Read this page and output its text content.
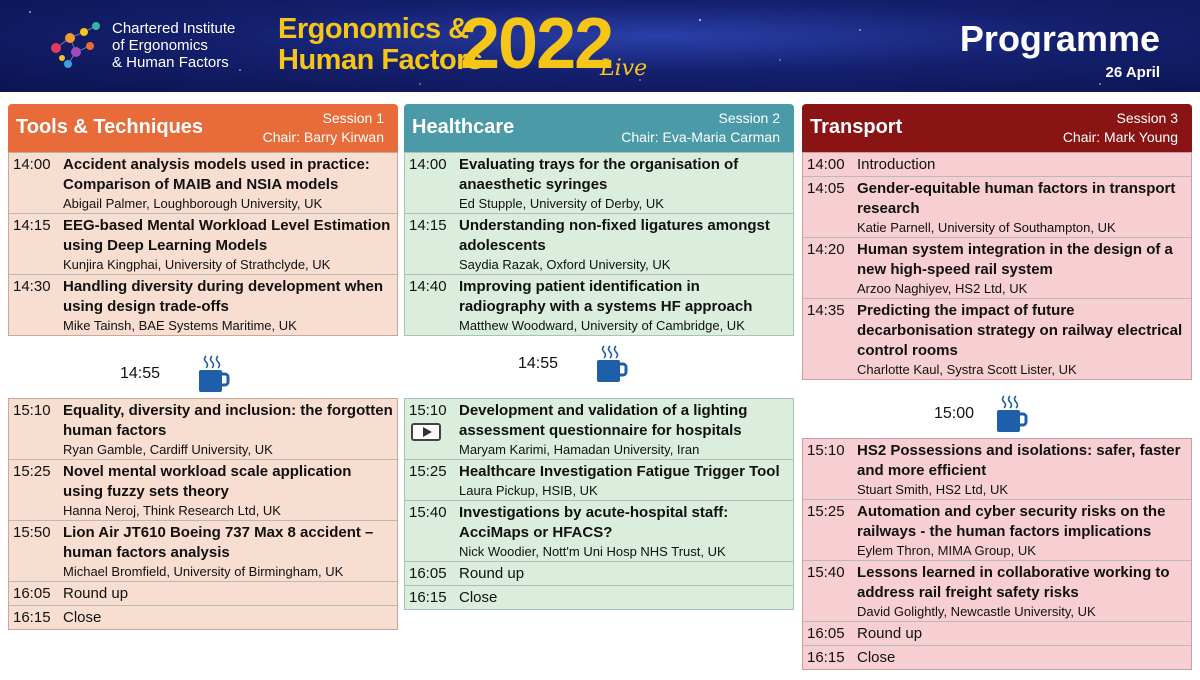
Chartered Institute
of Ergonomics
& Human Factors
Ergonomics &
Human Factors
2022
Live
Programme
26 April
Tools & Techniques	Session 1
Chair: Barry Kirwan
14:00 Accident analysis models used in practice: Comparison of MAIB and NSIA models
Abigail Palmer, Loughborough University, UK
14:15 EEG-based Mental Workload Level Estimation using Deep Learning Models
Kunjira Kingphai, University of Strathclyde, UK
14:30 Handling diversity during development when using design trade-offs
Mike Tainsh, BAE Systems Maritime, UK
14:55
15:10 Equality, diversity and inclusion: the forgotten human factors
Ryan Gamble, Cardiff University, UK
15:25 Novel mental workload scale application using fuzzy sets theory
Hanna Neroj, Think Research Ltd, UK
15:50 Lion Air JT610 Boeing 737 Max 8 accident – human factors analysis
Michael Bromfield, University of Birmingham, UK
16:05 Round up
16:15 Close
Healthcare	Session 2
Chair: Eva-Maria Carman
14:00 Evaluating trays for the organisation of anaesthetic syringes
Ed Stupple, University of Derby, UK
14:15 Understanding non-fixed ligatures amongst adolescents
Saydia Razak, Oxford University, UK
14:40 Improving patient identification in radiography with a systems HF approach
Matthew Woodward, University of Cambridge, UK
14:55
15:10 Development and validation of a lighting assessment questionnaire for hospitals
Maryam Karimi, Hamadan University, Iran
15:25 Healthcare Investigation Fatigue Trigger Tool
Laura Pickup, HSIB, UK
15:40 Investigations by acute-hospital staff: AcciMaps or HFACS?
Nick Woodier, Nott'm Uni Hosp NHS Trust, UK
16:05 Round up
16:15 Close
Transport	Session 3
Chair: Mark Young
14:00 Introduction
14:05 Gender-equitable human factors in transport research
Katie Parnell, University of Southampton, UK
14:20 Human system integration in the design of a new high-speed rail system
Arzoo Naghiyev, HS2 Ltd, UK
14:35 Predicting the impact of future decarbonisation strategy on railway electrical control rooms
Charlotte Kaul, Systra Scott Lister, UK
15:00
15:10 HS2 Possessions and isolations: safer, faster and more efficient
Stuart Smith, HS2 Ltd, UK
15:25 Automation and cyber security risks on the railways - the human factors implications
Eylem Thron, MIMA Group, UK
15:40 Lessons learned in collaborative working to address rail freight safety risks
David Golightly, Newcastle University, UK
16:05 Round up
16:15 Close
